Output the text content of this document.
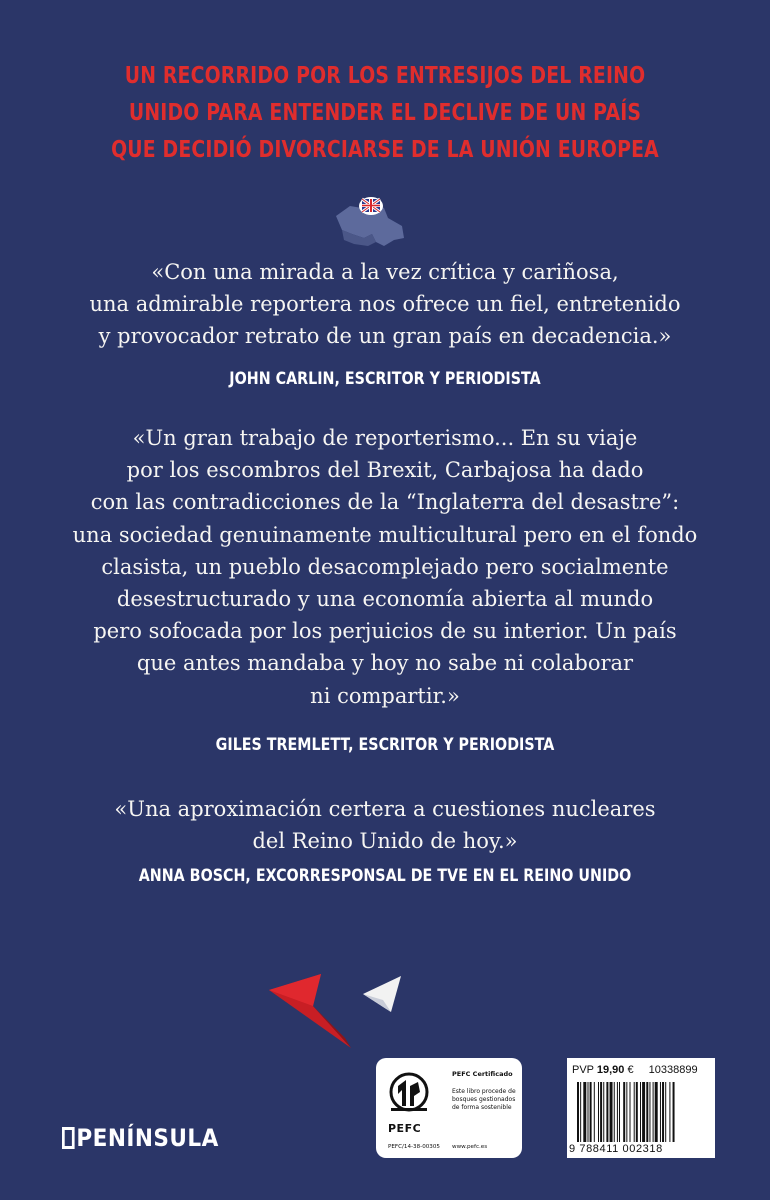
UN RECORRIDO POR LOS ENTRESIJOS DEL REINO
UNIDO PARA ENTENDER EL DECLIVE DE UN PAÍS
QUE DECIDIÓ DIVORCIARSE DE LA UNIÓN EUROPEA
«Con una mirada a la vez crítica y cariñosa,
una admirable reportera nos ofrece un fiel, entretenido
y provocador retrato de un gran país en decadencia.»
JOHN CARLIN, ESCRITOR Y PERIODISTA
«Un gran trabajo de reporterismo... En su viaje
por los escombros del Brexit, Carbajosa ha dado
con las contradicciones de la “Inglaterra del desastre”:
una sociedad genuinamente multicultural pero en el fondo
clasista, un pueblo desacomplejado pero socialmente
desestructurado y una economía abierta al mundo
pero sofocada por los perjuicios de su interior. Un país
que antes mandaba y hoy no sabe ni colaborar
ni compartir.»
GILES TREMLETT, ESCRITOR Y PERIODISTA
«Una aproximación certera a cuestiones nucleares
del Reino Unido de hoy.»
ANNA BOSCH, EXCORRESPONSAL DE TVE EN EL REINO UNIDO
PENÍNSULA	PEFC
PEFC Certificado
Este libro procede de bosques gestionados de forma sostenible
PEFC/14-38-00305 www.pefc.es
PVP 19,90 € 10338899
9 788411 002318
